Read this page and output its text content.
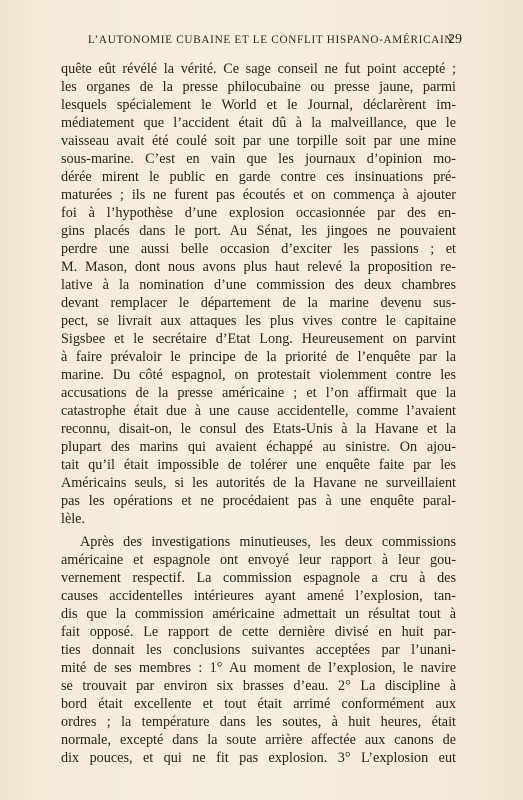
L’AUTONOMIE CUBAINE ET LE CONFLIT HISPANO-AMÉRICAIN
29
quête eût révélé la vérité. Ce sage conseil ne fut point accepté ;
les organes de la presse philocubaine ou presse jaune, parmi
lesquels spécialement le World et le Journal, déclarèrent im-
médiatement que l’accident était dû à la malveillance, que le
vaisseau avait été coulé soit par une torpille soit par une mine
sous-marine. C’est en vain que les journaux d’opinion mo-
dérée mirent le public en garde contre ces insinuations pré-
maturées ; ils ne furent pas écoutés et on commença à ajouter
foi à l’hypothèse d’une explosion occasionnée par des en-
gins placés dans le port. Au Sénat, les jingoes ne pouvaient
perdre une aussi belle occasion d’exciter les passions ; et
M. Mason, dont nous avons plus haut relevé la proposition re-
lative à la nomination d’une commission des deux chambres
devant remplacer le département de la marine devenu sus-
pect, se livrait aux attaques les plus vives contre le capitaine
Sigsbee et le secrétaire d’Etat Long. Heureusement on parvint
à faire prévaloir le principe de la priorité de l’enquête par la
marine. Du côté espagnol, on protestait violemment contre les
accusations de la presse américaine ; et l’on affirmait que la
catastrophe était due à une cause accidentelle, comme l’avaient
reconnu, disait-on, le consul des Etats-Unis à la Havane et la
plupart des marins qui avaient échappé au sinistre. On ajou-
tait qu’il était impossible de tolérer une enquête faite par les
Américains seuls, si les autorités de la Havane ne surveillaient
pas les opérations et ne procédaient pas à une enquête paral-
lèle.
Après des investigations minutieuses, les deux commissions
américaine et espagnole ont envoyé leur rapport à leur gou-
vernement respectif. La commission espagnole a cru à des
causes accidentelles intérieures ayant amené l’explosion, tan-
dis que la commission américaine admettait un résultat tout à
fait opposé. Le rapport de cette dernière divisé en huit par-
ties donnait les conclusions suivantes acceptées par l’unani-
mité de ses membres : 1° Au moment de l’explosion, le navire
se trouvait par environ six brasses d’eau. 2° La discipline à
bord était excellente et tout était arrimé conformément aux
ordres ; la température dans les soutes, à huit heures, était
normale, excepté dans la soute arrière affectée aux canons de
dix pouces, et qui ne fit pas explosion. 3° L’explosion eut
